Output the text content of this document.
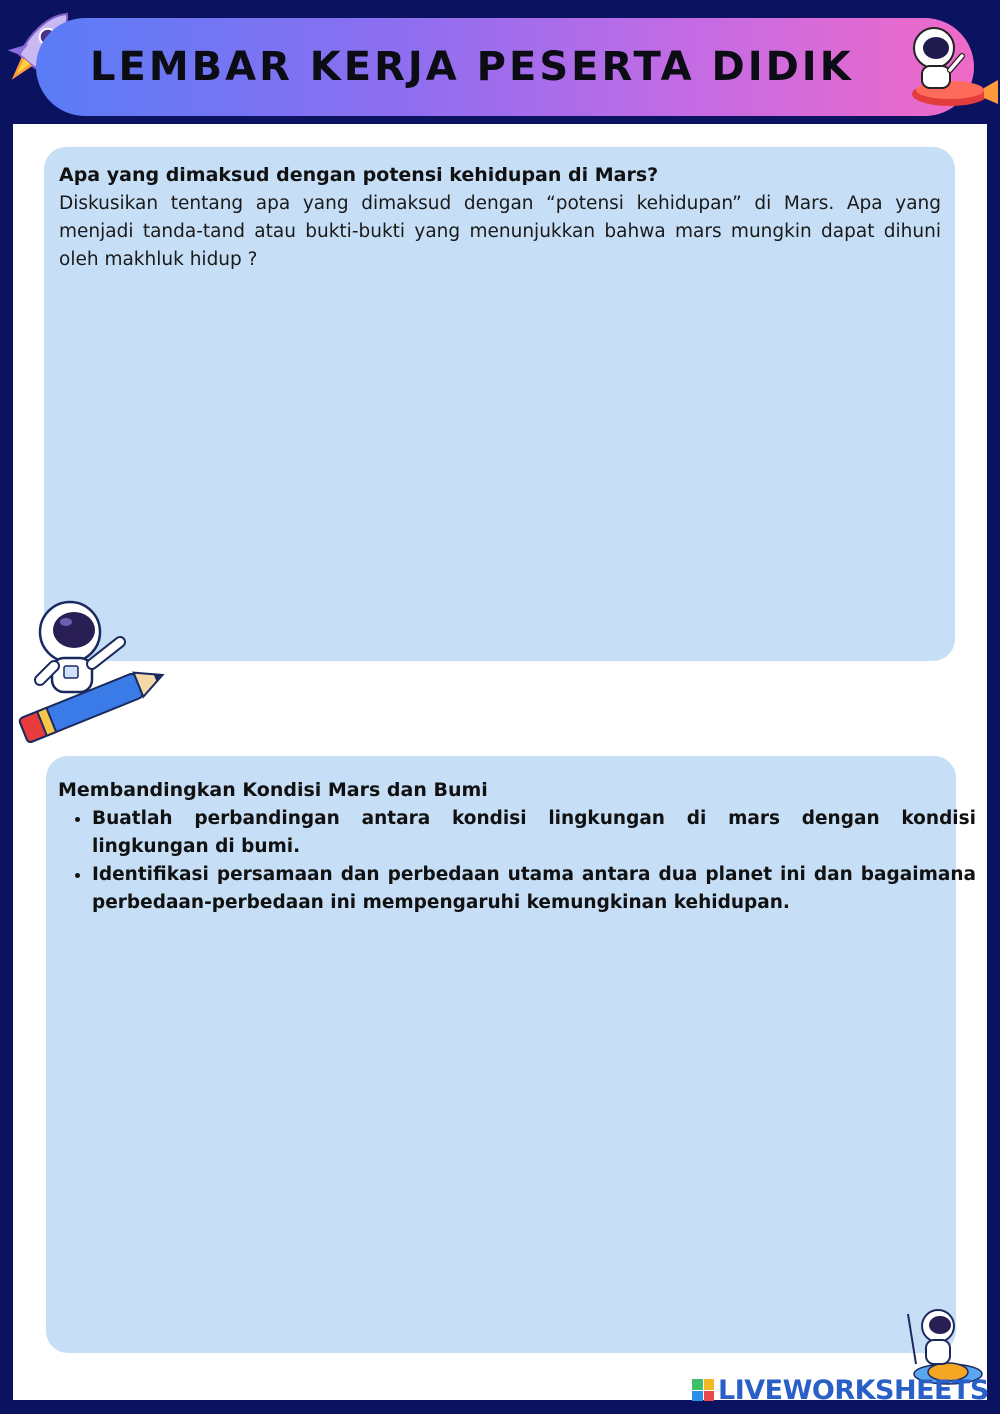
LEMBAR KERJA PESERTA DIDIK
Apa yang dimaksud dengan potensi kehidupan di Mars?
Diskusikan tentang apa yang dimaksud dengan “potensi kehidupan” di Mars. Apa yang menjadi tanda-tand atau bukti-bukti yang menunjukkan bahwa mars mungkin dapat dihuni oleh makhluk hidup ?
Membandingkan Kondisi Mars dan Bumi
• Buatlah perbandingan antara kondisi lingkungan di mars dengan kondisi lingkungan di bumi.
• Identifikasi persamaan dan perbedaan utama antara dua planet ini dan bagaimana perbedaan-perbedaan ini mempengaruhi kemungkinan kehidupan.
LIVEWORKSHEETS
